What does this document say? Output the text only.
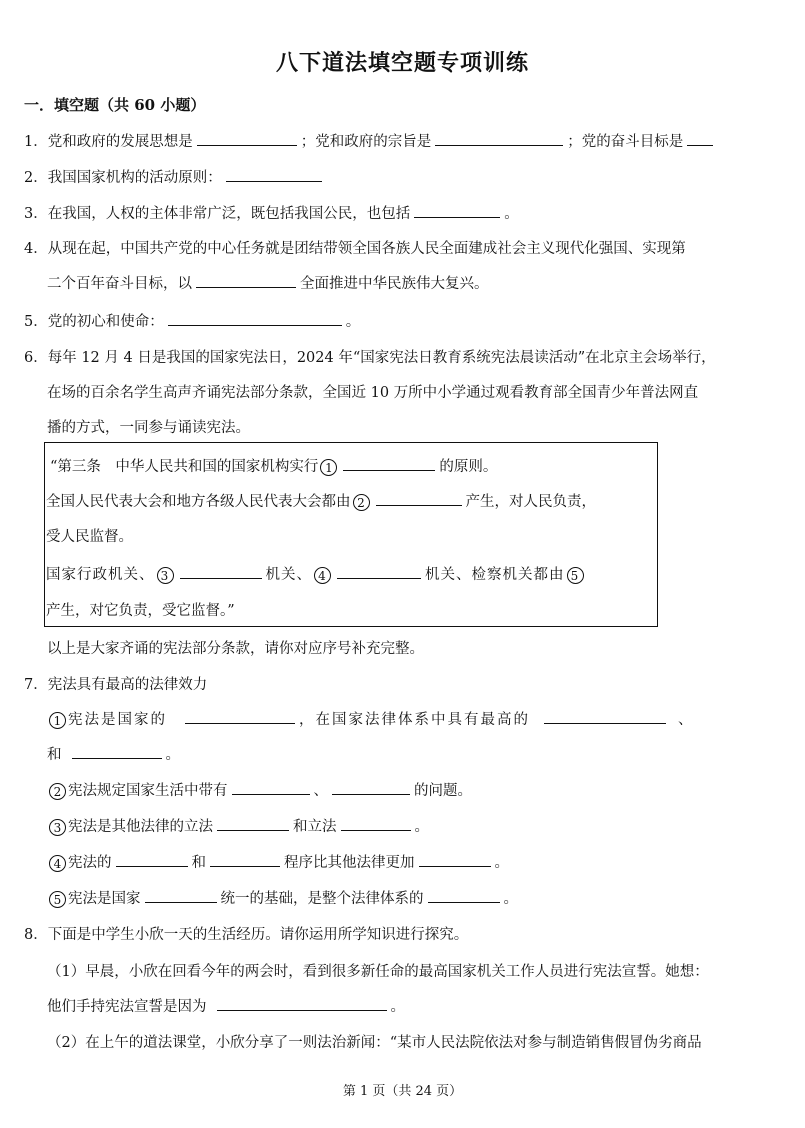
八下道法填空题专项训练
一．填空题（共 60 小题）
1．党和政府的发展思想是	；党和政府的宗旨是	；党的奋斗目标是
2．我国国家机构的活动原则：
3．在我国，人权的主体非常广泛，既包括我国公民，也包括	。
4．从现在起，中国共产党的中心任务就是团结带领全国各族人民全面建成社会主义现代化强国、实现第
二个百年奋斗目标，以	全面推进中华民族伟大复兴。
5．党的初心和使命：	。
6．每年 12 月 4 日是我国的国家宪法日，2024 年“国家宪法日教育系统宪法晨读活动”在北京主会场举行，
在场的百余名学生高声齐诵宪法部分条款，全国近 10 万所中小学通过观看教育部全国青少年普法网直
播的方式，一同参与诵读宪法。
“第三条　中华人民共和国的国家机构实行 1	的原则。
全国人民代表大会和地方各级人民代表大会都由 2	产生，对人民负责，
受人民监督。
国家行政机关、 3	机关、 4	机关、检察机关都由 5
产生，对它负责，受它监督。”
以上是大家齐诵的宪法部分条款，请你对应序号补充完整。
7．宪法具有最高的法律效力
1 宪法是国家的	，在国家法律体系中具有最高的	、
和	。
2 宪法规定国家生活中带有	、	的问题。
3 宪法是其他法律的立法	和立法	。
4 宪法的	和	程序比其他法律更加	。
5 宪法是国家	统一的基础，是整个法律体系的	。
8．下面是中学生小欣一天的生活经历。请你运用所学知识进行探究。
（1）早晨，小欣在回看今年的两会时，看到很多新任命的最高国家机关工作人员进行宪法宣誓。她想：
他们手持宪法宣誓是因为	。
（2）在上午的道法课堂，小欣分享了一则法治新闻：“某市人民法院依法对参与制造销售假冒伪劣商品
第 1 页（共 24 页）
